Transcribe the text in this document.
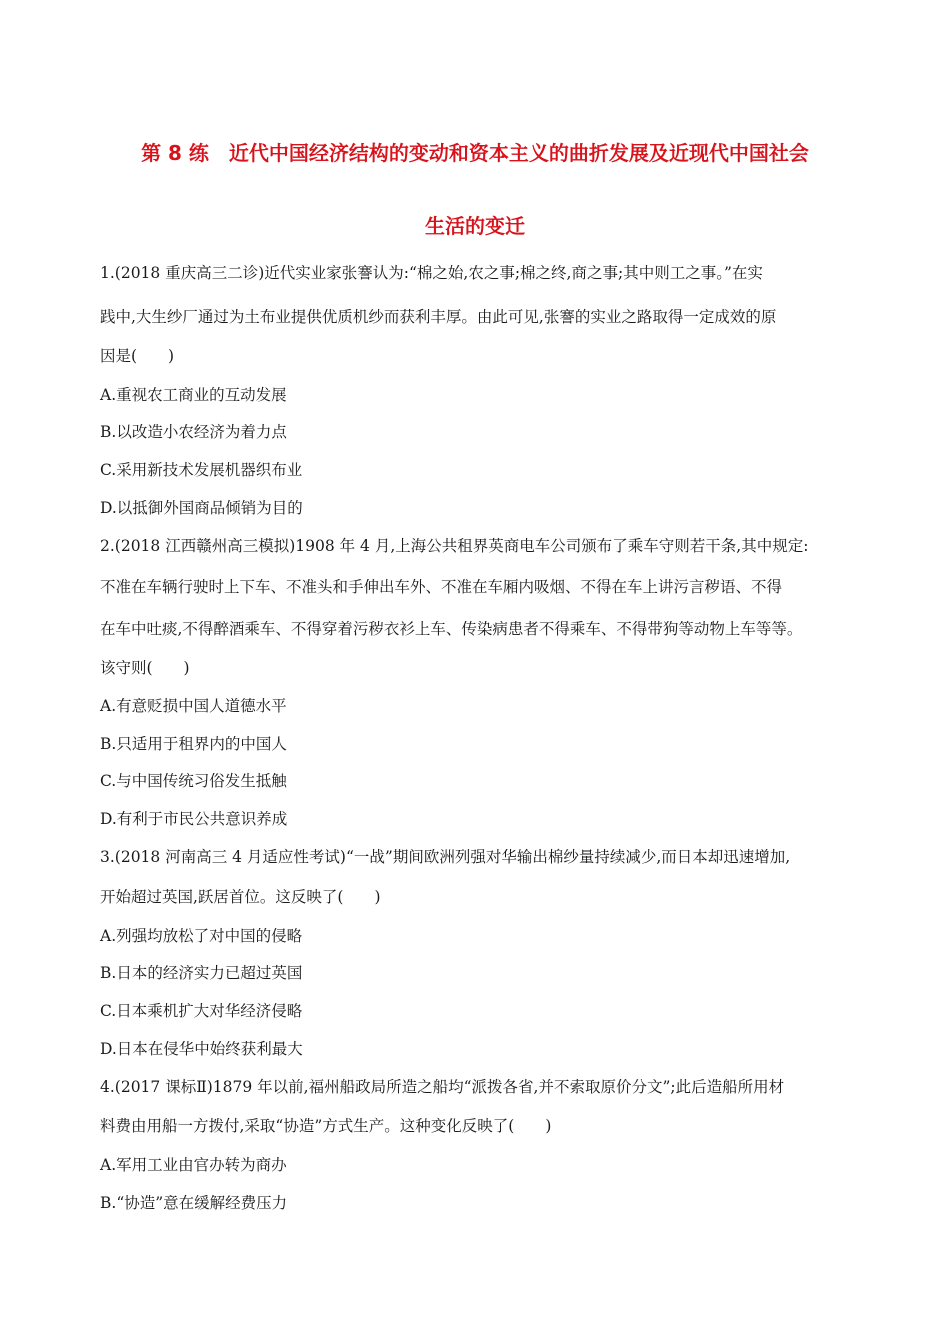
第 8 练　近代中国经济结构的变动和资本主义的曲折发展及近现代中国社会
生活的变迁
1.(2018 重庆高三二诊)近代实业家张謇认为:“棉之始,农之事;棉之终,商之事;其中则工之事。”在实
践中,大生纱厂通过为土布业提供优质机纱而获利丰厚。由此可见,张謇的实业之路取得一定成效的原
因是(　　)
A.重视农工商业的互动发展
B.以改造小农经济为着力点
C.采用新技术发展机器织布业
D.以抵御外国商品倾销为目的
2.(2018 江西赣州高三模拟)1908 年 4 月,上海公共租界英商电车公司颁布了乘车守则若干条,其中规定:
不准在车辆行驶时上下车、不准头和手伸出车外、不准在车厢内吸烟、不得在车上讲污言秽语、不得
在车中吐痰,不得醉酒乘车、不得穿着污秽衣衫上车、传染病患者不得乘车、不得带狗等动物上车等等。
该守则(　　)
A.有意贬损中国人道德水平
B.只适用于租界内的中国人
C.与中国传统习俗发生抵触
D.有利于市民公共意识养成
3.(2018 河南高三 4 月适应性考试)“一战”期间欧洲列强对华输出棉纱量持续减少,而日本却迅速增加,
开始超过英国,跃居首位。这反映了(　　)
A.列强均放松了对中国的侵略
B.日本的经济实力已超过英国
C.日本乘机扩大对华经济侵略
D.日本在侵华中始终获利最大
4.(2017 课标Ⅱ)1879 年以前,福州船政局所造之船均“派拨各省,并不索取原价分文”;此后造船所用材
料费由用船一方拨付,采取“协造”方式生产。这种变化反映了(　　)
A.军用工业由官办转为商办
B.“协造”意在缓解经费压力
